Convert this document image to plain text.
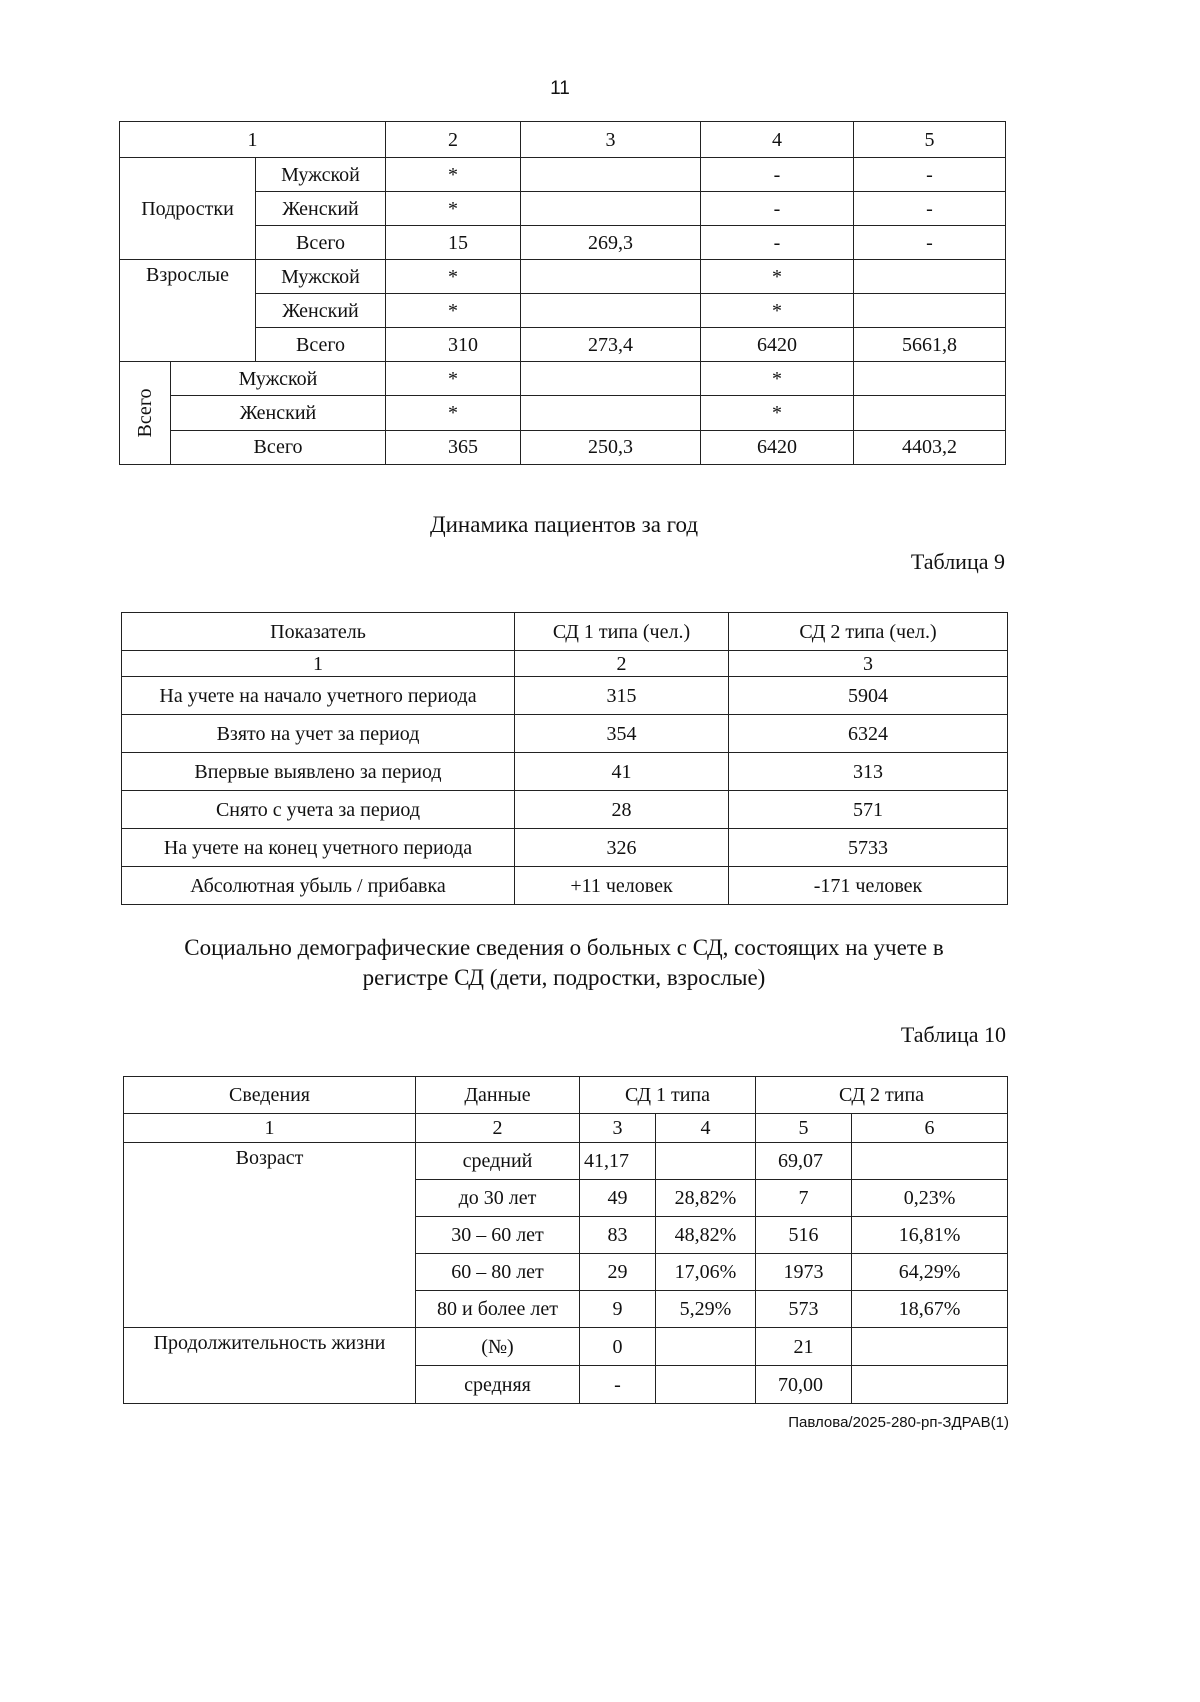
11
1			2	3	4	5
Подростки		Мужской	*		-	-
		Женский	*		-	-
		Всего	15	269,3	-	-
Взрослые		Мужской	*		*	
		Женский	*		*	
		Всего	310	273,4	6420	5661,8

Всего	Мужской		*		*	
	Женский		*		*	
	Всего		365	250,3	6420	4403,2
Динамика пациентов за год
Таблица 9
Показатель	СД 1 типа (чел.)	СД 2 типа (чел.)
1	2	3
На учете на начало учетного периода	315	5904
Взято на учет за период	354	6324
Впервые выявлено за период	41	313
Снято с учета за период	28	571
На учете на конец учетного периода	326	5733
Абсолютная убыль / прибавка	+11 человек	-171 человек
Социально демографические сведения о больных с СД, состоящих на учете в
регистре СД (дети, подростки, взрослые)
Таблица 10
Сведения	Данные	СД 1 типа		СД 2 типа	
1	2	3	4	5	6
Возраст	средний	41,17		69,07	
	до 30 лет	49	28,82%	7	0,23%
	30 – 60 лет	83	48,82%	516	16,81%
	60 – 80 лет	29	17,06%	1973	64,29%
	80 и более лет	9	5,29%	573	18,67%
Продолжительность жизни	(№)	0		21	
	средняя	-		70,00	
Павлова/2025-280-рп-ЗДРАВ(1)
